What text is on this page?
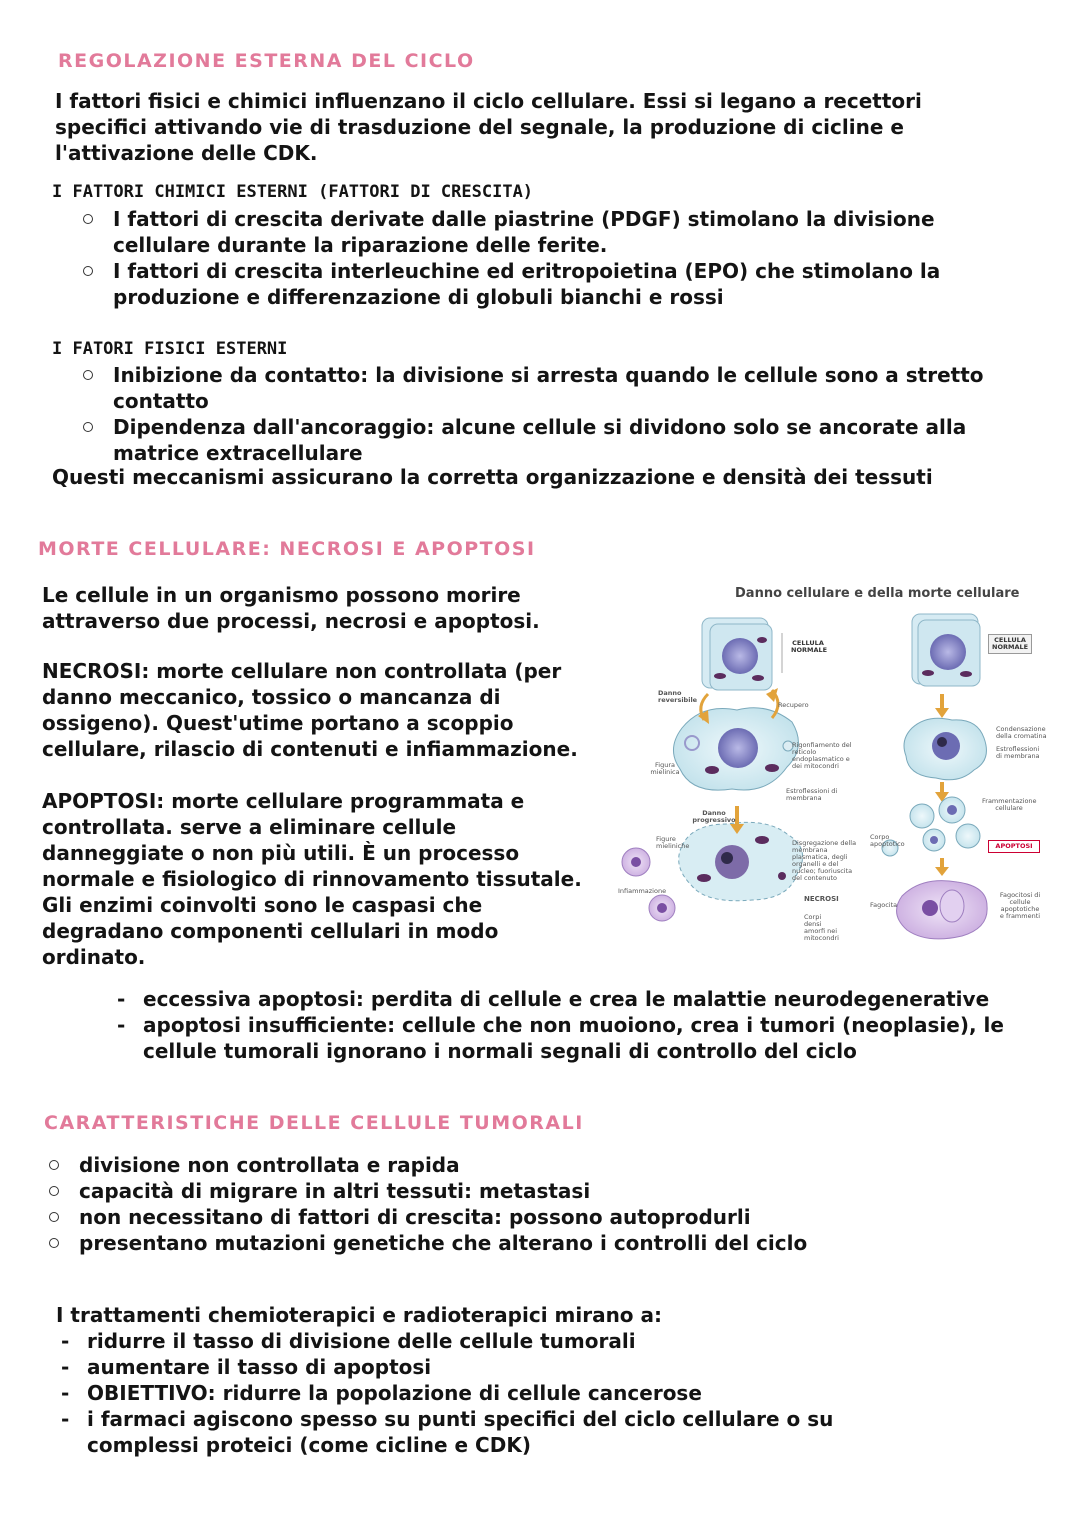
REGOLAZIONE ESTERNA DEL CICLO

I fattori fisici e chimici influenzano il ciclo cellulare. Essi si legano a recettori specifici attivando vie di trasduzione del segnale, la produzione di cicline e l'attivazione delle CDK.

I FATTORI CHIMICI ESTERNI (FATTORI DI CRESCITA)

I fattori di crescita derivate dalle piastrine (PDGF) stimolano la divisione cellulare durante la riparazione delle ferite.
I fattori di crescita interleuchine ed eritropoietina (EPO) che stimolano la produzione e differenzazione di globuli bianchi e rossi

I FATORI FISICI ESTERNI

Inibizione da contatto: la divisione si arresta quando le cellule sono a stretto contatto
Dipendenza dall'ancoraggio: alcune cellule si dividono solo se ancorate alla matrice extracellulare

Questi meccanismi assicurano la corretta organizzazione e densità dei tessuti

MORTE CELLULARE: NECROSI E APOPTOSI

Le cellule in un organismo possono morire attraverso due processi, necrosi e apoptosi.

NECROSI: morte cellulare non controllata (per danno meccanico, tossico o mancanza di ossigeno). Quest'utime portano a scoppio cellulare, rilascio di contenuti e infiammazione.

APOPTOSI: morte cellulare programmata e controllata. serve a eliminare cellule danneggiate o non più utili. È un processo normale e fisiologico di rinnovamento tissutale.

Gli enzimi coinvolti sono le caspasi che degradano componenti cellulari in modo ordinato.

Danno cellulare e della morte cellulare
CELLULA NORMALE
CELLULA NORMALE
Danno reversibile
Recupero
Figura mielinica
Rigonfiamento del reticolo endoplasmatico e dei mitocondri
Estroflessioni di membrana
Danno progressivo
Figure mieliniche
Infiammazione
Disgregazione della membrana plasmatica, degli organelli e del nucleo; fuoriuscita del contenuto
NECROSI
Corpi densi amorfi nei mitocondri
Condensazione della cromatina
Estroflessioni di membrana
Frammentazione cellulare
Corpo apoptotico	APOPTOSI
Fagocita
Fagocitosi di cellule apoptotiche e frammenti
- eccessiva apoptosi: perdita di cellule e crea le malattie neurodegenerative
- apoptosi insufficiente: cellule che non muoiono, crea i tumori (neoplasie), le cellule tumorali ignorano i normali segnali di controllo del ciclo
CARATTERISTICHE DELLE CELLULE TUMORALI
divisione non controllata e rapida
capacità di migrare in altri tessuti: metastasi
non necessitano di fattori di crescita: possono autoprodurli
presentano mutazioni genetiche che alterano i controlli del ciclo

I trattamenti chemioterapici e radioterapici mirano a:

- ridurre il tasso di divisione delle cellule tumorali
- aumentare il tasso di apoptosi
- OBIETTIVO: ridurre la popolazione di cellule cancerose
- i farmaci agiscono spesso su punti specifici del ciclo cellulare o su complessi proteici (come cicline e CDK)
